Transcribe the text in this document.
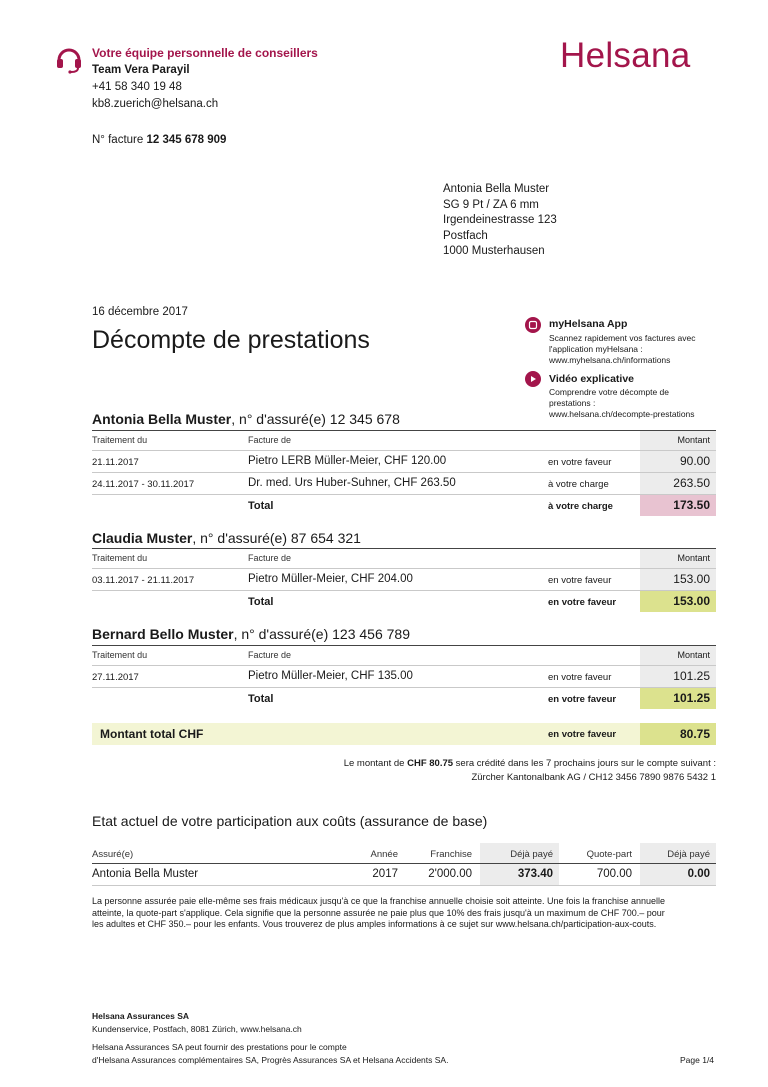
Votre équipe personnelle de conseillers
Team Vera Parayil
+41 58 340 19 48
kb8.zuerich@helsana.ch
Helsana
N° facture 12 345 678 909
Antonia Bella Muster
SG 9 Pt / ZA 6 mm
Irgendeinestrasse 123
Postfach
1000 Musterhausen
16 décembre 2017
Décompte de prestations
myHelsana App
Scannez rapidement vos factures avec
l'application myHelsana :
www.myhelsana.ch/informations
Vidéo explicative
Comprendre votre décompte de
prestations :
www.helsana.ch/decompte-prestations
Antonia Bella Muster, n° d'assuré(e) 12 345 678
Traitement du	Facture de	Montant
21.11.2017	Pietro LERB Müller-Meier, CHF 120.00	en votre faveur	90.00
24.11.2017 - 30.11.2017	Dr. med. Urs Huber-Suhner, CHF 263.50	à votre charge	263.50
Total	à votre charge	173.50
Claudia Muster, n° d'assuré(e) 87 654 321
Traitement du	Facture de	Montant
03.11.2017 - 21.11.2017	Pietro Müller-Meier, CHF 204.00	en votre faveur	153.00
Total	en votre faveur	153.00
Bernard Bello Muster, n° d'assuré(e) 123 456 789
Traitement du	Facture de	Montant
27.11.2017	Pietro Müller-Meier, CHF 135.00	en votre faveur	101.25
Total	en votre faveur	101.25
Montant total CHF	en votre faveur	80.75
Le montant de CHF 80.75 sera crédité dans les 7 prochains jours sur le compte suivant :
Zürcher Kantonalbank AG / CH12 3456 7890 9876 5432 1
Etat actuel de votre participation aux coûts (assurance de base)
Assuré(e)	Année	Franchise	Déjà payé	Quote-part	Déjà payé
Antonia Bella Muster	2017	2'000.00	373.40	700.00	0.00
La personne assurée paie elle-même ses frais médicaux jusqu'à ce que la franchise annuelle choisie soit atteinte. Une fois la franchise annuelle
atteinte, la quote-part s'applique. Cela signifie que la personne assurée ne paie plus que 10% des frais jusqu'à un maximum de CHF 700.– pour
les adultes et CHF 350.– pour les enfants. Vous trouverez de plus amples informations à ce sujet sur www.helsana.ch/participation-aux-couts.
Helsana Assurances SA
Kundenservice, Postfach, 8081 Zürich, www.helsana.ch
Helsana Assurances SA peut fournir des prestations pour le compte
d'Helsana Assurances complémentaires SA, Progrès Assurances SA et Helsana Accidents SA.	Page 1/4
